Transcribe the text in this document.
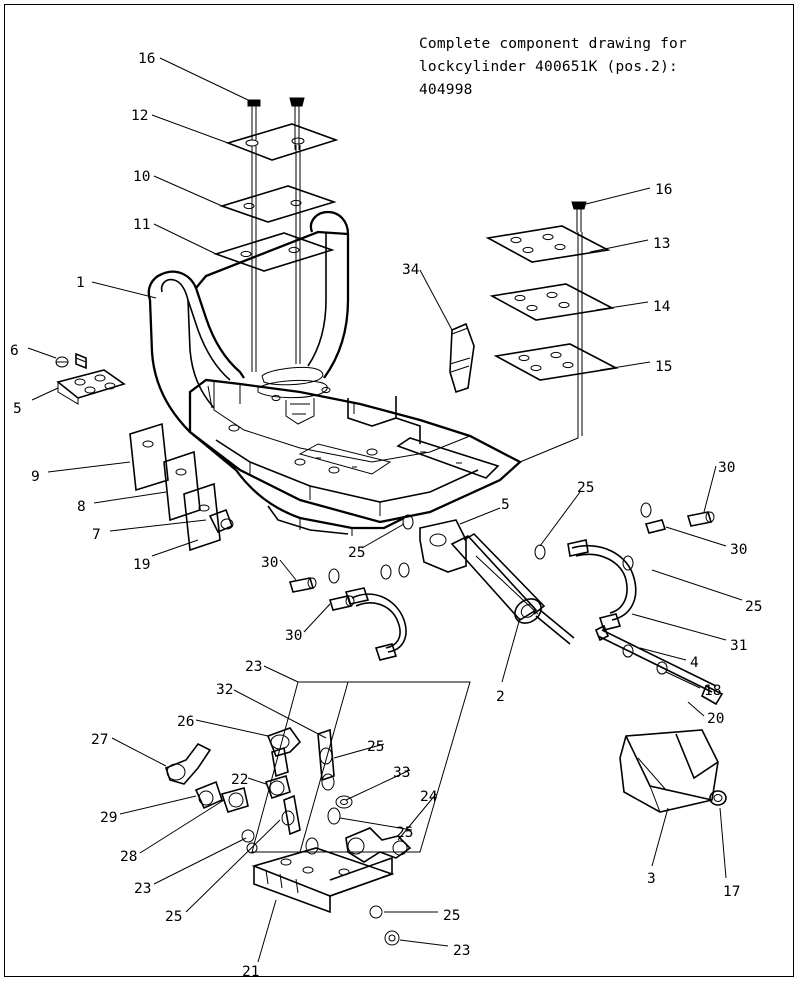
Complete component drawing for
lockcylinder 400651K (pos.2):
404998
16
12
10
11
1
6
5
9
8
7
19
34
16
13
14
15
25
30
30
25
31
5
25
30
30
2
4
18
20
23
32
26
27
22
29
28
23
25
25
33
24
25
25
23
21
3
17
